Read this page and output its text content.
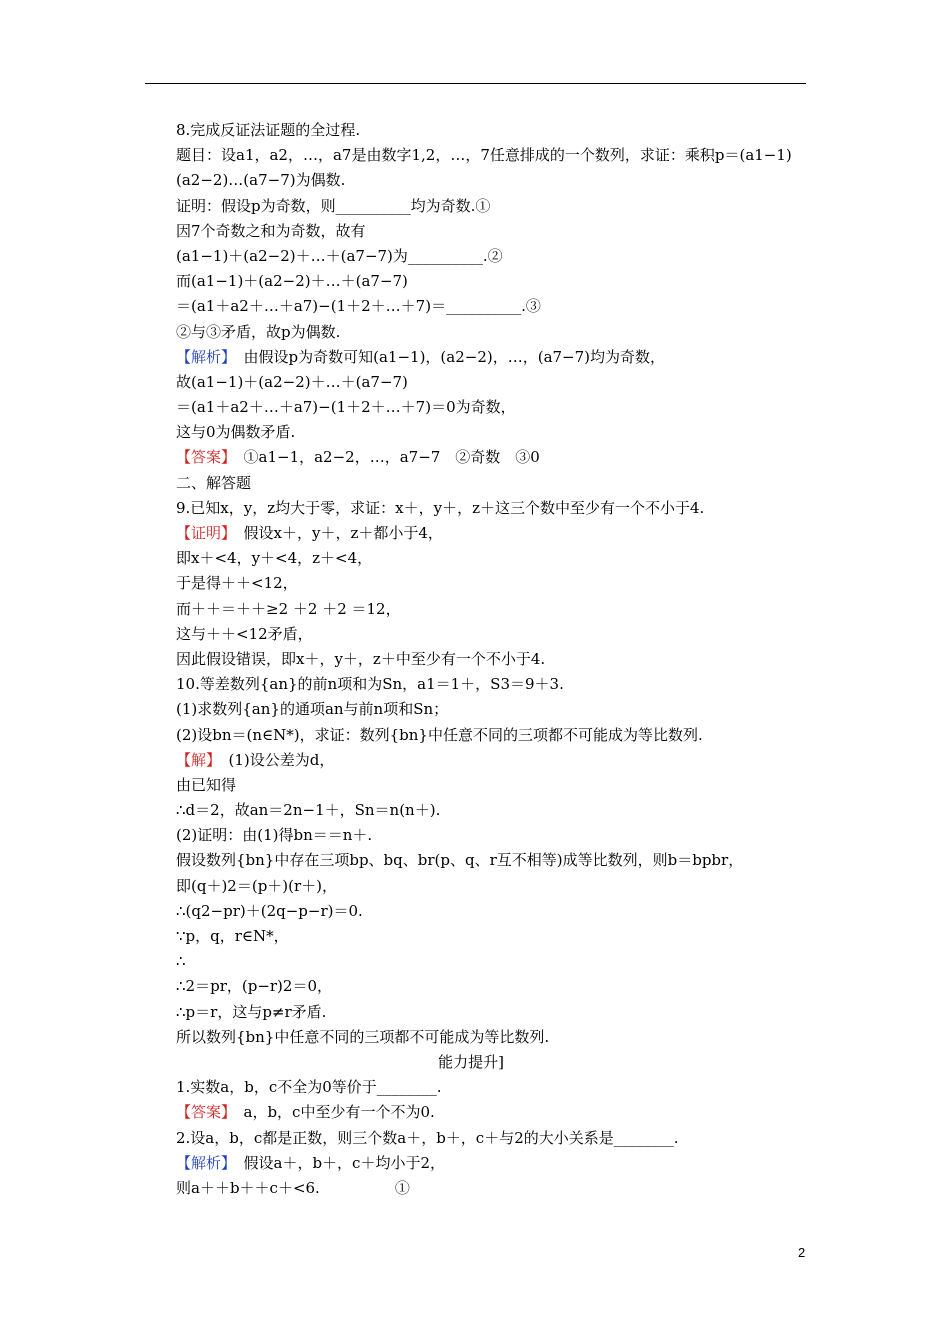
8.完成反证法证题的全过程.
题目：设a1，a2，…，a7是由数字1,2，…，7任意排成的一个数列，求证：乘积p＝(a1−1)
(a2−2)…(a7−7)为偶数.
证明：假设p为奇数，则__________均为奇数.①
因7个奇数之和为奇数，故有
(a1−1)＋(a2−2)＋…＋(a7−7)为__________.②
而(a1−1)＋(a2−2)＋…＋(a7−7)
＝(a1＋a2＋…＋a7)−(1＋2＋…＋7)＝__________.③
②与③矛盾，故p为偶数.
【解析】　由假设p为奇数可知(a1−1)，(a2−2)，…，(a7−7)均为奇数，
故(a1−1)＋(a2−2)＋…＋(a7−7)
＝(a1＋a2＋…＋a7)−(1＋2＋…＋7)＝0为奇数，
这与0为偶数矛盾.
【答案】　①a1−1，a2−2，…，a7−7　②奇数　③0
二、解答题
9.已知x，y，z均大于零，求证：x＋，y＋，z＋这三个数中至少有一个不小于4.
【证明】　假设x＋，y＋，z＋都小于4，
即x＋<4，y＋<4，z＋<4，
于是得＋＋<12，
而＋＋＝＋＋≥2 ＋2 ＋2 ＝12，
这与＋＋<12矛盾，
因此假设错误，即x＋，y＋，z＋中至少有一个不小于4.
10.等差数列{an}的前n项和为Sn，a1＝1＋，S3＝9＋3.
(1)求数列{an}的通项an与前n项和Sn；
(2)设bn＝(n∈N*)，求证：数列{bn}中任意不同的三项都不可能成为等比数列.
【解】　(1)设公差为d，
由已知得
∴d＝2，故an＝2n−1＋，Sn＝n(n＋).
(2)证明：由(1)得bn＝＝n＋.
假设数列{bn}中存在三项bp、bq、br(p、q、r互不相等)成等比数列，则b＝bpbr，
即(q＋)2＝(p＋)(r＋)，
∴(q2−pr)＋(2q−p−r)＝0.
∵p，q，r∈N*，
∴
∴2＝pr，(p−r)2＝0，
∴p＝r，这与p≠r矛盾.
所以数列{bn}中任意不同的三项都不可能成为等比数列.
能力提升]
1.实数a，b，c不全为0等价于________.
【答案】　a，b，c中至少有一个不为0.
2.设a，b，c都是正数，则三个数a＋，b＋，c＋与2的大小关系是________.
【解析】　假设a＋，b＋，c＋均小于2，
则a＋＋b＋＋c＋<6.　　　　　①
2
